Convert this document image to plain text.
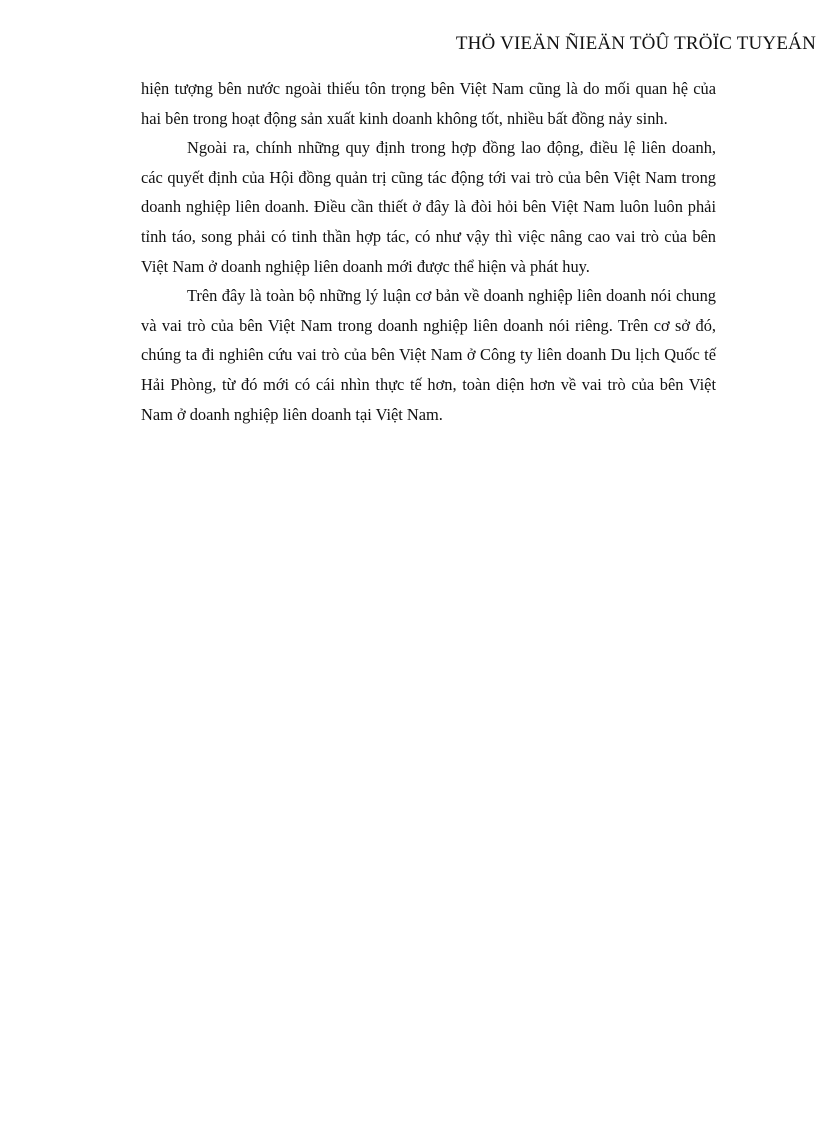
THÖ VIEÄN ÑIEÄN TÖÛ TRÖÏC TUYEÁN

hiện tượng bên nước ngoài thiếu tôn trọng bên Việt Nam cũng là do mối quan hệ của hai bên trong hoạt động sản xuất kinh doanh không tốt, nhiều bất đồng nảy sinh.

Ngoài ra, chính những quy định trong hợp đồng lao động, điều lệ liên doanh, các quyết định của Hội đồng quản trị cũng tác động tới vai trò của bên Việt Nam trong doanh nghiệp liên doanh. Điều cần thiết ở đây là đòi hỏi bên Việt Nam luôn luôn phải tỉnh táo, song phải có tinh thần hợp tác, có như vậy thì việc nâng cao vai trò của bên Việt Nam ở doanh nghiệp liên doanh mới được thể hiện và phát huy.

Trên đây là toàn bộ những lý luận cơ bản về doanh nghiệp liên doanh nói chung và vai trò của bên Việt Nam trong doanh nghiệp liên doanh nói riêng. Trên cơ sở đó, chúng ta đi nghiên cứu vai trò của bên Việt Nam ở Công ty liên doanh Du lịch Quốc tế Hải Phòng, từ đó mới có cái nhìn thực tế hơn, toàn diện hơn về vai trò của bên Việt Nam ở doanh nghiệp liên doanh tại Việt Nam.
